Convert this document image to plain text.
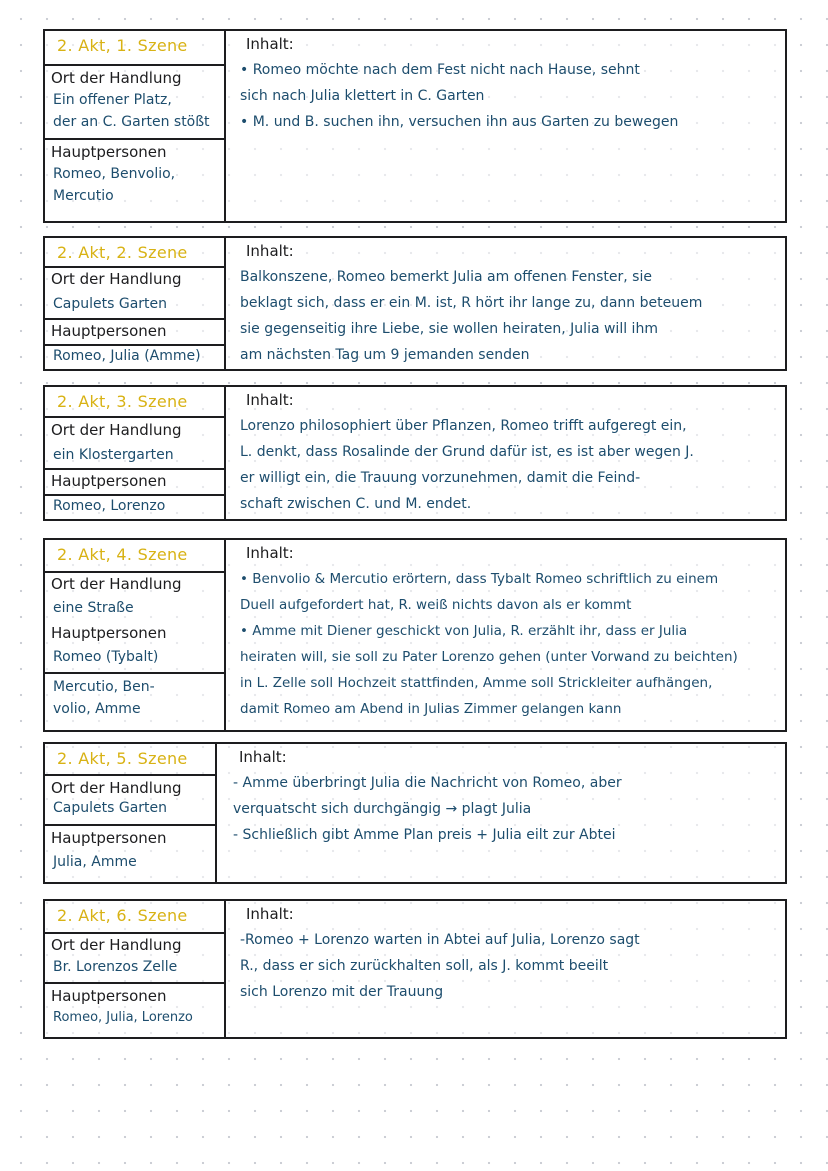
2. Akt, 1. Szene
Ort der Handlung
Ein offener Platz,
der an C. Garten stößt
Hauptpersonen
Romeo, Benvolio,
Mercutio
Inhalt:
• Romeo möchte nach dem Fest nicht nach Hause, sehnt
sich nach Julia klettert in C. Garten
• M. und B. suchen ihn, versuchen ihn aus Garten zu bewegen
2. Akt, 2. Szene
Ort der Handlung
Capulets Garten
Hauptpersonen
Romeo, Julia (Amme)
Inhalt:
Balkonszene, Romeo bemerkt Julia am offenen Fenster, sie
beklagt sich, dass er ein M. ist, R hört ihr lange zu, dann beteuem
sie gegenseitig ihre Liebe, sie wollen heiraten, Julia will ihm
am nächsten Tag um 9 jemanden senden
2. Akt, 3. Szene
Ort der Handlung
ein Klostergarten
Hauptpersonen
Romeo, Lorenzo
Inhalt:
Lorenzo philosophiert über Pflanzen, Romeo trifft aufgeregt ein,
L. denkt, dass Rosalinde der Grund dafür ist, es ist aber wegen J.
er willigt ein, die Trauung vorzunehmen, damit die Feind-
schaft zwischen C. und M. endet.
2. Akt, 4. Szene
Ort der Handlung
eine Straße
Hauptpersonen
Romeo (Tybalt)
Mercutio, Ben-
volio, Amme
Inhalt:
• Benvolio & Mercutio erörtern, dass Tybalt Romeo schriftlich zu einem
Duell aufgefordert hat, R. weiß nichts davon als er kommt
• Amme mit Diener geschickt von Julia, R. erzählt ihr, dass er Julia
heiraten will, sie soll zu Pater Lorenzo gehen (unter Vorwand zu beichten)
in L. Zelle soll Hochzeit stattfinden, Amme soll Strickleiter aufhängen,
damit Romeo am Abend in Julias Zimmer gelangen kann
2. Akt, 5. Szene
Ort der Handlung
Capulets Garten
Hauptpersonen
Julia, Amme
Inhalt:
- Amme überbringt Julia die Nachricht von Romeo, aber
verquatscht sich durchgängig → plagt Julia
- Schließlich gibt Amme Plan preis + Julia eilt zur Abtei
2. Akt, 6. Szene
Ort der Handlung
Br. Lorenzos Zelle
Hauptpersonen
Romeo, Julia, Lorenzo
Inhalt:
-Romeo + Lorenzo warten in Abtei auf Julia, Lorenzo sagt
R., dass er sich zurückhalten soll, als J. kommt beeilt
sich Lorenzo mit der Trauung
